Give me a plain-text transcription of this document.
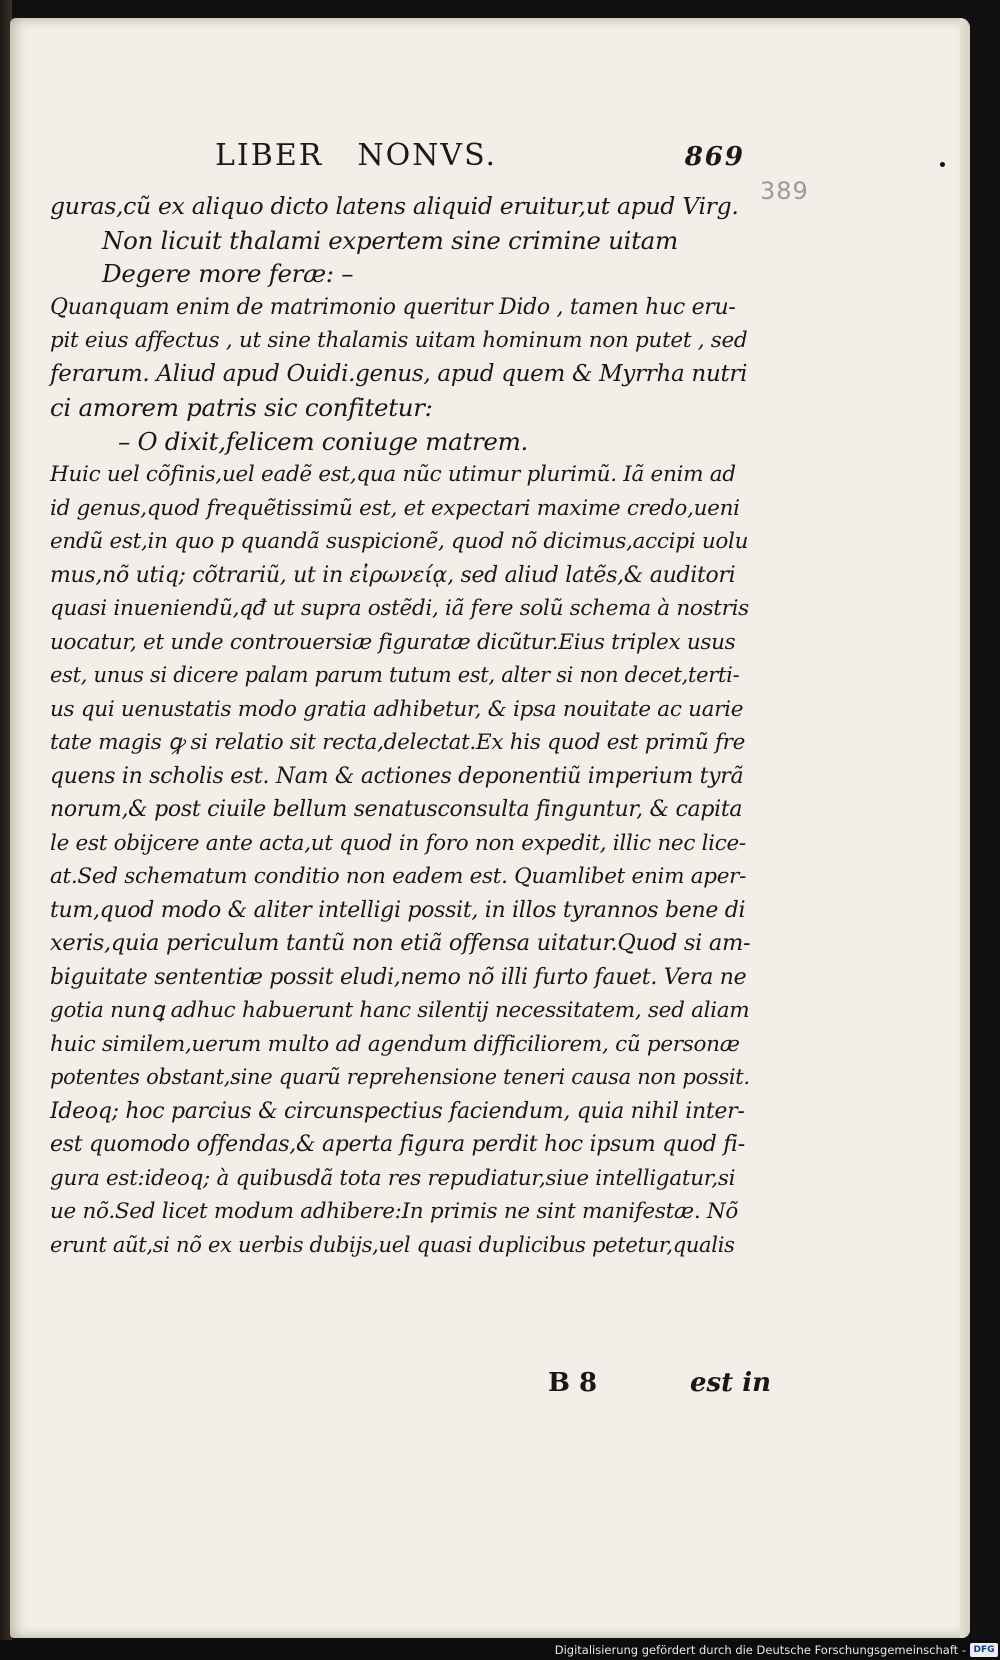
LIBER NONVS.	869
389
guras,cũ ex aliquo dicto latens aliquid eruitur,ut apud Virg.
Non licuit thalami expertem sine crimine uitam
Degere more feræ: –
Quanquam enim de matrimonio queritur Dido , tamen huc eru-
pit eius affectus , ut sine thalamis uitam hominum non putet , sed
ferarum. Aliud apud Ouidi.genus, apud quem & Myrrha nutri
ci amorem patris sic confitetur:
– O dixit,felicem coniuge matrem.
Huic uel cõfinis,uel eadẽ est,qua nũc utimur plurimũ. Iã enim ad
id genus,quod frequẽtissimũ est, et expectari maxime credo,ueni
endũ est,in quo p quandã suspicionẽ, quod nõ dicimus,accipi uolu
mus,nõ utiq; cõtrariũ, ut in εἰρωνείᾳ, sed aliud latẽs,& auditori
quasi inueniendũ,qđ ut supra ostẽdi, iã fere solũ schema à nostris
uocatur, et unde controuersiæ figuratæ dicũtur.Eius triplex usus
est, unus si dicere palam parum tutum est, alter si non decet,terti-
us qui uenustatis modo gratia adhibetur, & ipsa nouitate ac uarie
tate magis ꝙ si relatio sit recta,delectat.Ex his quod est primũ fre
quens in scholis est. Nam & actiones deponentiũ imperium tyrã
norum,& post ciuile bellum senatusconsulta finguntur, & capita
le est obijcere ante acta,ut quod in foro non expedit, illic nec lice-
at.Sed schematum conditio non eadem est. Quamlibet enim aper-
tum,quod modo & aliter intelligi possit, in illos tyrannos bene di
xeris,quia periculum tantũ non etiã offensa uitatur.Quod si am-
biguitate sententiæ possit eludi,nemo nõ illi furto fauet. Vera ne
gotia nunꝗ adhuc habuerunt hanc silentij necessitatem, sed aliam
huic similem,uerum multo ad agendum difficiliorem, cũ personæ
potentes obstant,sine quarũ reprehensione teneri causa non possit.
Ideoq; hoc parcius & circunspectius faciendum, quia nihil inter-
est quomodo offendas,& aperta figura perdit hoc ipsum quod fi-
gura est:ideoq; à quibusdã tota res repudiatur,siue intelligatur,si
ue nõ.Sed licet modum adhibere:In primis ne sint manifestæ. Nõ
erunt aũt,si nõ ex uerbis dubijs,uel quasi duplicibus petetur,qualis
B 8	est in
Digitalisierung gefördert durch die Deutsche Forschungsgemeinschaft - DFG
